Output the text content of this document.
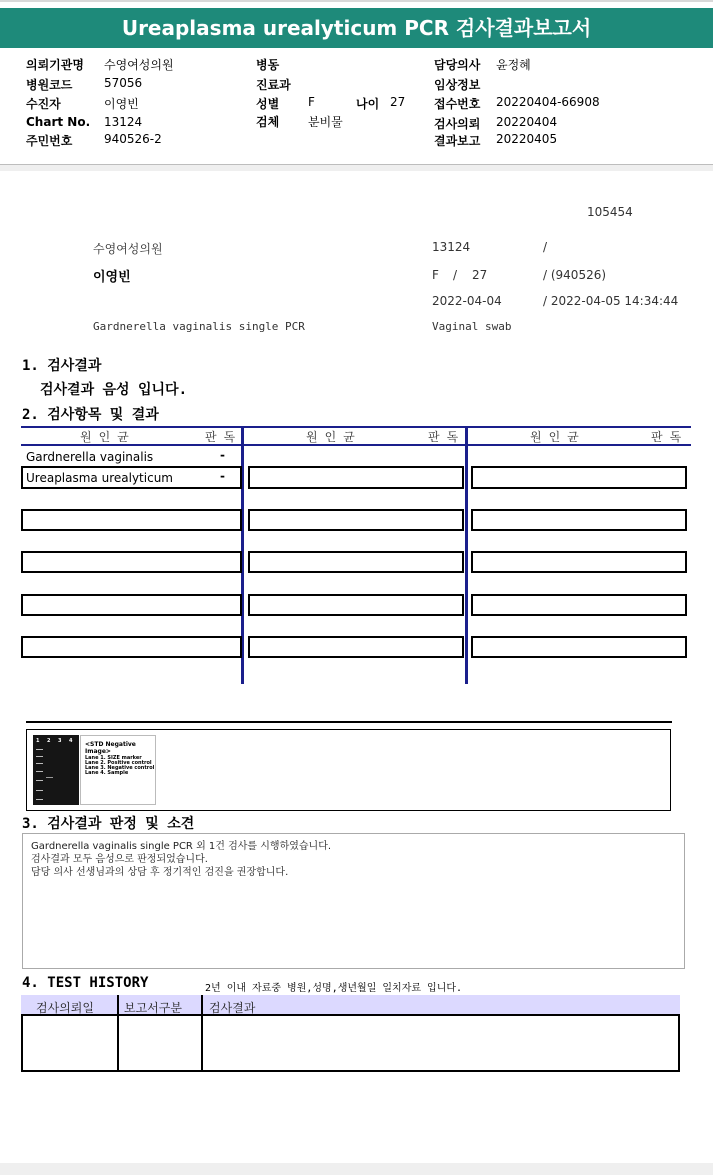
Ureaplasma urealyticum PCR 검사결과보고서
의뢰기관명 수영여성의원
병원코드	57056
수진자	이영빈
Chart No. 13124
주민번호	940526-2
병동
진료과
성별 F
검체 분비물
나이 27
담당의사 윤정혜
임상정보
접수번호 20220404-66908
검사의뢰 20220404
결과보고 20220405
105454
수영여성의원	13124	/
이영빈	F / 27	/ (940526)
2022-04-04	/ 2022-04-05 14:34:44
Gardnerella vaginalis single PCR	Vaginal swab
1. 검사결과
검사결과 음성 입니다.
2. 검사항목 및 결과
원인균	판독	원인균	판독	원인균	판독
Gardnerella vaginalis	-
Ureaplasma urealyticum	-
1 2 3 4 <STD Negative Image>
Lane 1. SIZE marker
Lane 2. Positive control
Lane 3. Negative control
Lane 4. Sample
3. 검사결과 판정 및 소견
Gardnerella vaginalis single PCR 외 1건 검사를 시행하였습니다.
검사결과 모두 음성으로 판정되었습니다.
담당 의사 선생님과의 상담 후 정기적인 검진을 권장합니다.
4. TEST HISTORY	2년 이내 자료중 병원,성명,생년월일 일치자료 입니다.
검사의뢰일	보고서구분 검사결과
